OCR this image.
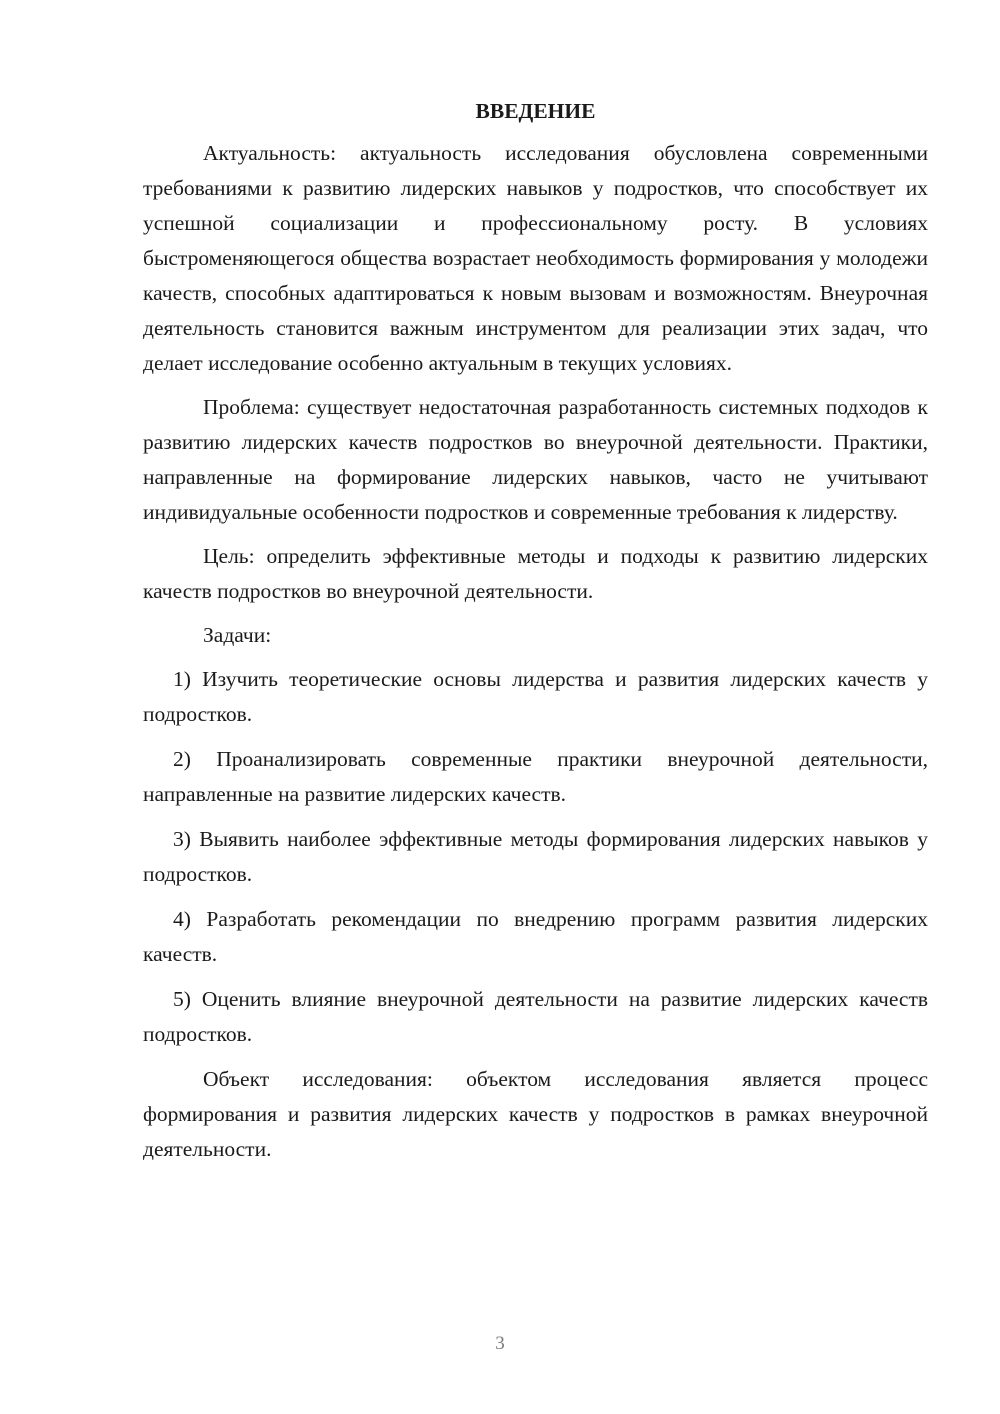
ВВЕДЕНИЕ

Актуальность: актуальность исследования обусловлена современными требованиями к развитию лидерских навыков у подростков, что способствует их успешной социализации и профессиональному росту. В условиях быстроменяющегося общества возрастает необходимость формирования у молодежи качеств, способных адаптироваться к новым вызовам и возможностям. Внеурочная деятельность становится важным инструментом для реализации этих задач, что делает исследование особенно актуальным в текущих условиях.

Проблема: существует недостаточная разработанность системных подходов к развитию лидерских качеств подростков во внеурочной деятельности. Практики, направленные на формирование лидерских навыков, часто не учитывают индивидуальные особенности подростков и современные требования к лидерству.

Цель: определить эффективные методы и подходы к развитию лидерских качеств подростков во внеурочной деятельности.

Задачи:

1) Изучить теоретические основы лидерства и развития лидерских качеств у подростков.

2) Проанализировать современные практики внеурочной деятельности, направленные на развитие лидерских качеств.

3) Выявить наиболее эффективные методы формирования лидерских навыков у подростков.

4) Разработать рекомендации по внедрению программ развития лидерских качеств.

5) Оценить влияние внеурочной деятельности на развитие лидерских качеств подростков.

Объект исследования: объектом исследования является процесс формирования и развития лидерских качеств у подростков в рамках внеурочной деятельности.

3
